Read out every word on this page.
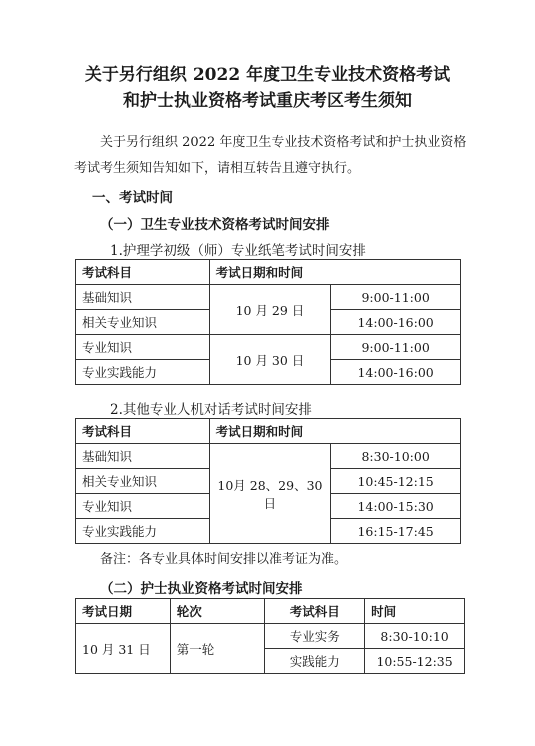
关于另行组织 2022 年度卫生专业技术资格考试
和护士执业资格考试重庆考区考生须知
关于另行组织 2022 年度卫生专业技术资格考试和护士执业资格考试考生须知告知如下，请相互转告且遵守执行。
一、考试时间
（一）卫生专业技术资格考试时间安排
1.护理学初级（师）专业纸笔考试时间安排
考试科目	考试日期和时间	
基础知识	10 月 29 日	9:00-11:00
相关专业知识		14:00-16:00
专业知识	10 月 30 日	9:00-11:00
专业实践能力		14:00-16:00
2.其他专业人机对话考试时间安排
考试科目	考试日期和时间	
基础知识	10月 28、29、30日	8:30-10:00
相关专业知识		10:45-12:15
专业知识		14:00-15:30
专业实践能力		16:15-17:45
备注：各专业具体时间安排以准考证为准。
（二）护士执业资格考试时间安排
考试日期	轮次	考试科目	时间
10 月 31 日	第一轮	专业实务	8:30-10:10
		实践能力	10:55-12:35
